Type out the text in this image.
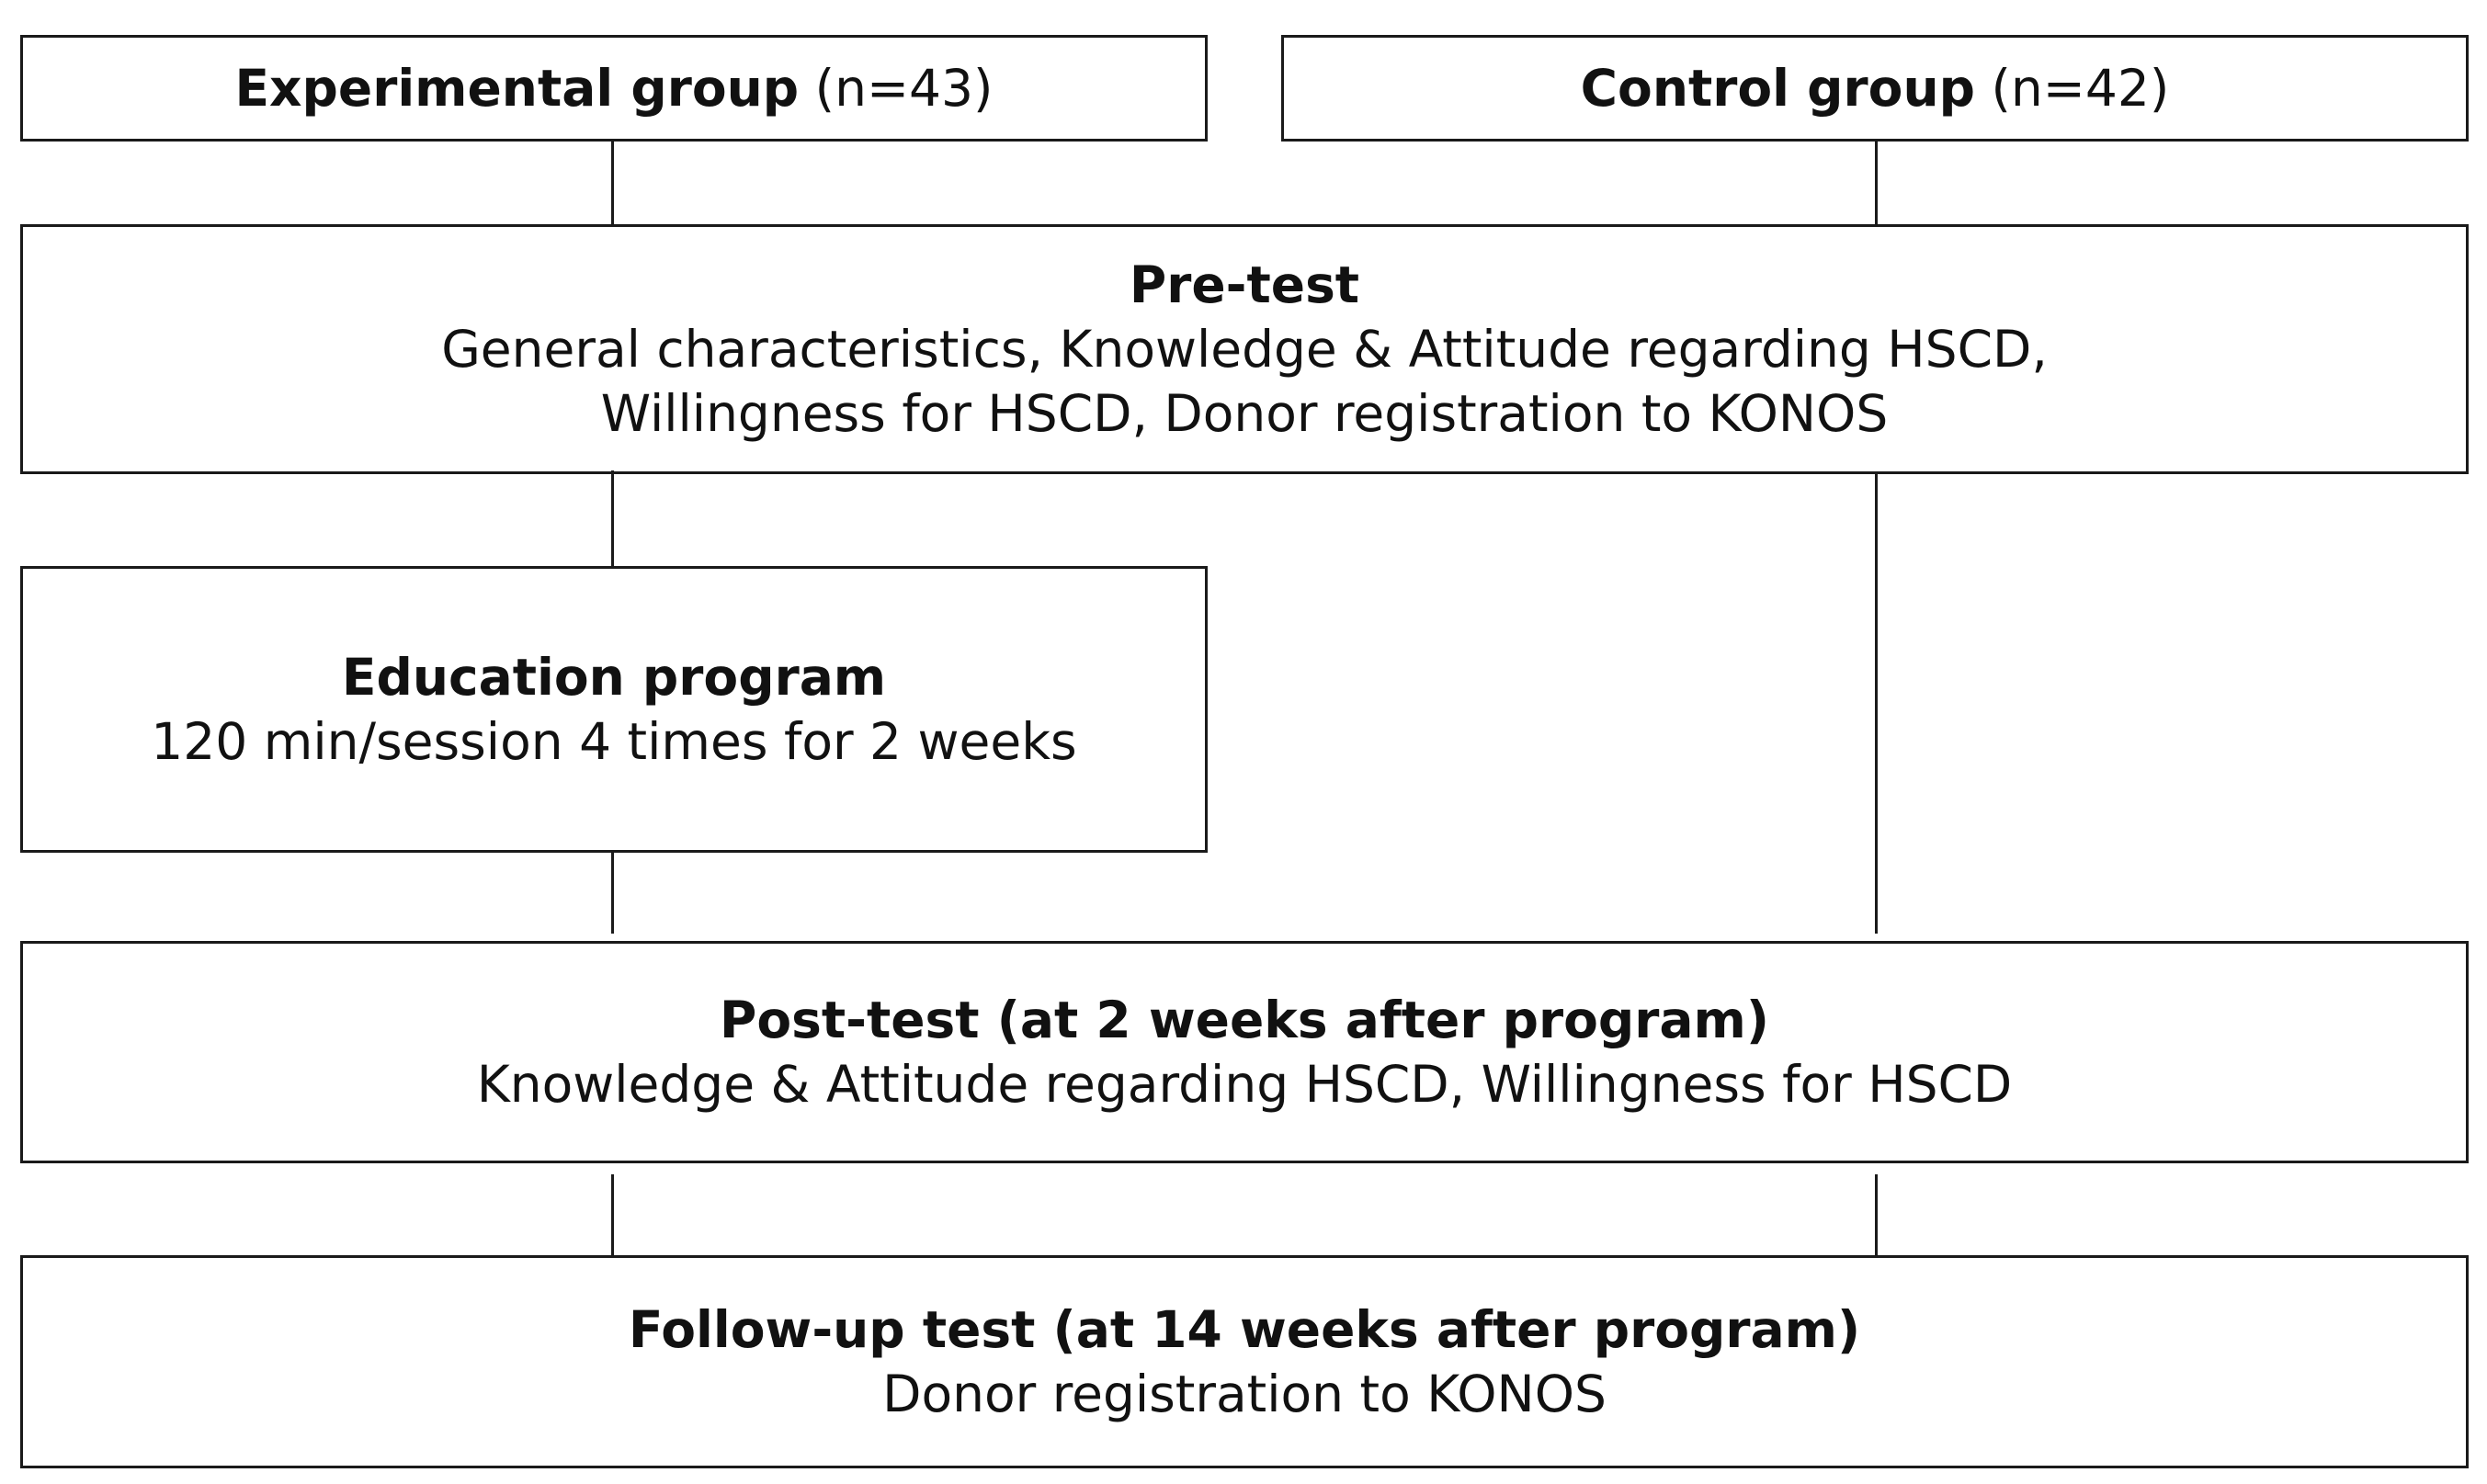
Experimental group (n=43)	Control group (n=42)
Pre-test
General characteristics, Knowledge & Attitude regarding HSCD,
Willingness for HSCD, Donor registration to KONOS
Education program
120 min/session 4 times for 2 weeks
Post-test (at 2 weeks after program)
Knowledge & Attitude regarding HSCD, Willingness for HSCD
Follow-up test (at 14 weeks after program)
Donor registration to KONOS
